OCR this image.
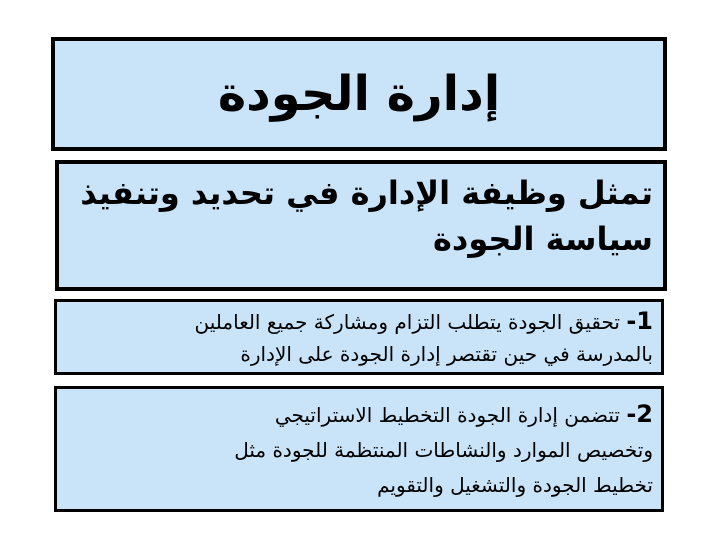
إدارة الجودة
تمثل وظيفة الإدارة في تحديد وتنفيذ
سياسة الجودة
1- تحقيق الجودة يتطلب التزام ومشاركة جميع العاملين
بالمدرسة في حين تقتصر إدارة الجودة على الإدارة
2- تتضمن إدارة الجودة التخطيط الاستراتيجي
وتخصيص الموارد والنشاطات المنتظمة للجودة مثل
تخطيط الجودة والتشغيل والتقويم
